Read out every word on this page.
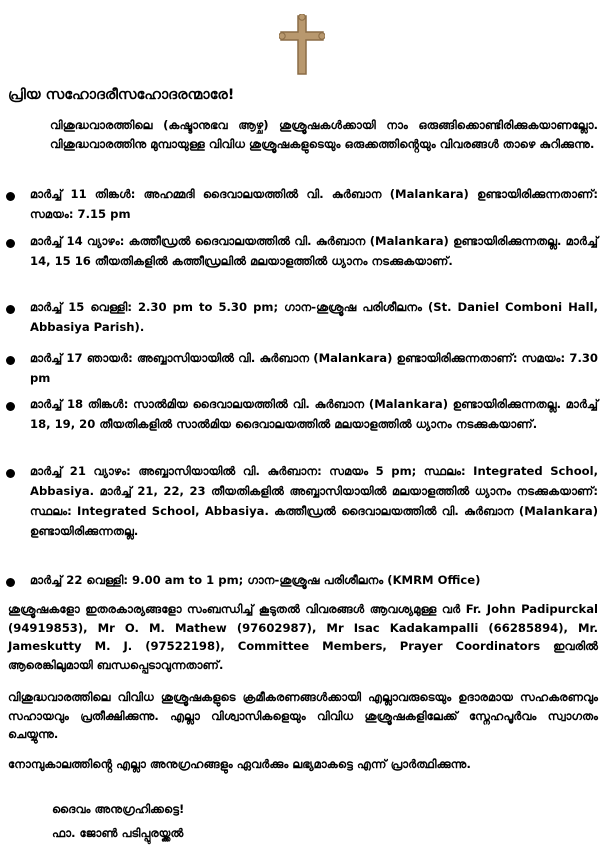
പ്രിയ സഹോദരീസഹോദരന്മാരേ!

വിശുദ്ധവാരത്തിലെ (കഷ്ടാനുഭവ ആഴ്ച) ശുശ്രൂഷകൾക്കായി നാം ഒരുങ്ങിക്കൊണ്ടിരിക്കുകയാണല്ലോ. വിശുദ്ധവാരത്തിനു മുമ്പായുള്ള വിവിധ ശുശ്രൂഷകളുടെയും ഒരുക്കത്തിൻ്റെയും വിവരങ്ങൾ താഴെ കുറിക്കുന്നു.

മാർച്ച് 11 തിങ്കൾ: അഹമ്മദി ദൈവാലയത്തിൽ വി. കുർബാന (Malankara) ഉണ്ടായിരിക്കുന്നതാണ്: സമയം: 7.15 pm

മാർച്ച് 14 വ്യാഴം: കത്തീഡ്രൽ ദൈവാലയത്തിൽ വി. കുർബാന (Malankara) ഉണ്ടായിരിക്കുന്നതല്ല. മാർച്ച് 14, 15 16 തീയതികളിൽ കത്തീഡ്രലിൽ മലയാളത്തിൽ ധ്യാനം നടക്കുകയാണ്.

മാർച്ച് 15 വെള്ളി: 2.30 pm to 5.30 pm; ഗാന-ശുശ്രൂഷ പരിശീലനം (St. Daniel Comboni Hall, Abbasiya Parish).

മാർച്ച് 17 ഞായർ: അബ്ബാസിയായിൽ വി. കുർബാന (Malankara) ഉണ്ടായിരിക്കുന്നതാണ്: സമയം: 7.30 pm

മാർച്ച് 18 തിങ്കൾ: സാൽമിയ ദൈവാലയത്തിൽ വി. കുർബാന (Malankara) ഉണ്ടായിരിക്കുന്നതല്ല. മാർച്ച് 18, 19, 20 തീയതികളിൽ സാൽമിയ ദൈവാലയത്തിൽ മലയാളത്തിൽ ധ്യാനം നടക്കുകയാണ്.

മാർച്ച് 21 വ്യാഴം: അബ്ബാസിയായിൽ വി. കുർബാന: സമയം 5 pm; സ്ഥലം: Integrated School, Abbasiya. മാർച്ച് 21, 22, 23 തീയതികളിൽ അബ്ബാസിയായിൽ മലയാളത്തിൽ ധ്യാനം നടക്കുകയാണ്: സ്ഥലം: Integrated School, Abbasiya. കത്തീഡ്രൽ ദൈവാലയത്തിൽ വി. കുർബാന (Malankara) ഉണ്ടായിരിക്കുന്നതല്ല.

മാർച്ച് 22 വെള്ളി: 9.00 am to 1 pm; ഗാന-ശുശ്രൂഷ പരിശീലനം (KMRM Office)

ശുശ്രൂഷകളോ ഇതരകാര്യങ്ങളോ സംബന്ധിച്ച് കൂടുതൽ വിവരങ്ങൾ ആവശ്യമുള്ള വർ Fr. John Padipurckal (94919853), Mr O. M. Mathew (97602987), Mr Isac Kadakampalli (66285894), Mr. Jameskutty M. J. (97522198), Committee Members, Prayer Coordinators ഇവരിൽ ആരെങ്കിലുമായി ബന്ധപ്പെടാവുന്നതാണ്.

വിശുദ്ധവാരത്തിലെ വിവിധ ശുശ്രൂഷകളുടെ ക്രമീകരണങ്ങൾക്കായി എല്ലാവരുടെയും ഉദാരമായ സഹകരണവും സഹായവും പ്രതീക്ഷിക്കുന്നു. എല്ലാ വിശ്വാസികളെയും വിവിധ ശുശ്രൂഷകളിലേക്ക് സ്നേഹപൂർവം സ്വാഗതം ചെയ്യുന്നു.

നോമ്പുകാലത്തിൻ്റെ എല്ലാ അനുഗ്രഹങ്ങളും ഏവർക്കും ലഭ്യമാകട്ടെ എന്ന് പ്രാർത്ഥിക്കുന്നു.

ദൈവം അനുഗ്രഹിക്കട്ടെ!
ഫാ. ജോൺ പടിപ്പുരയ്ക്കൽ
